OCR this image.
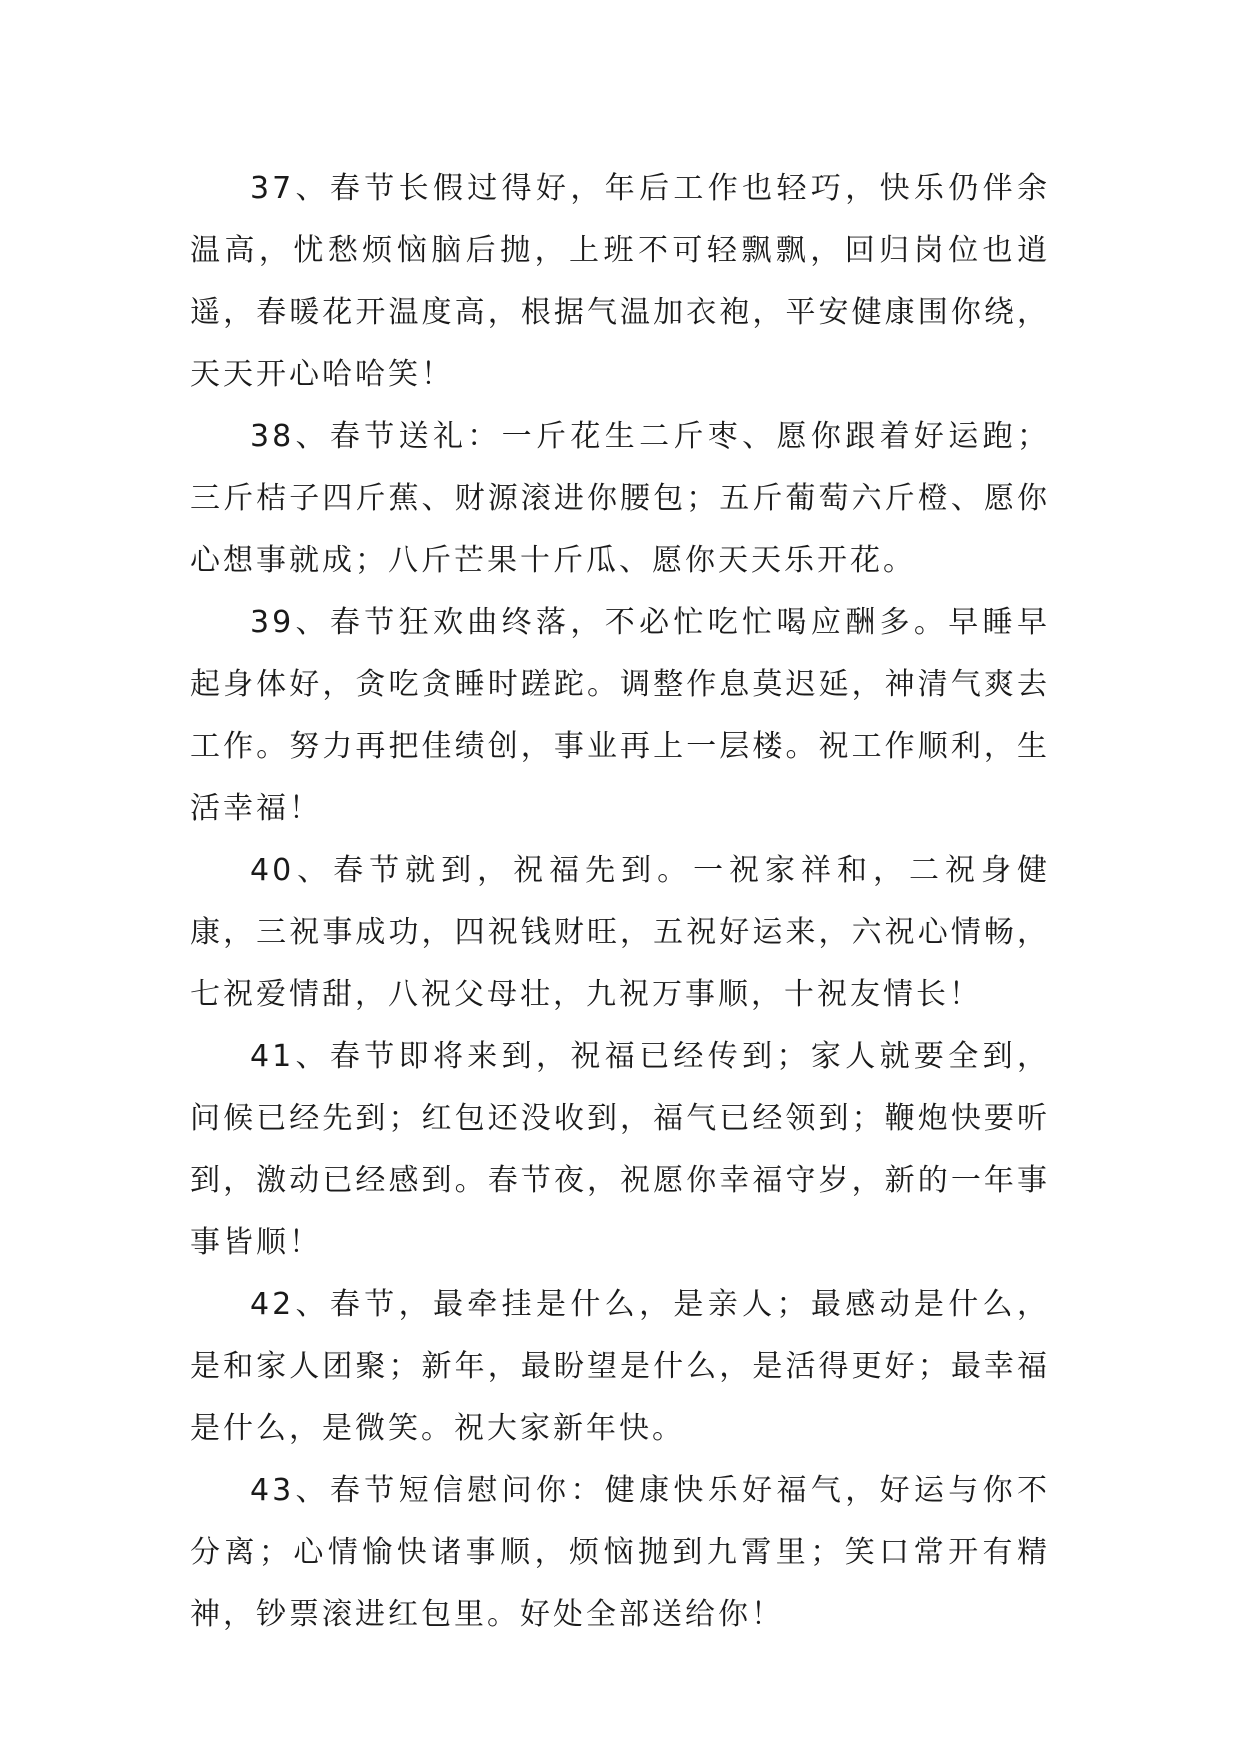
37、春节长假过得好，年后工作也轻巧，快乐仍伴余温高，忧愁烦恼脑后抛，上班不可轻飘飘，回归岗位也逍遥，春暖花开温度高，根据气温加衣袍，平安健康围你绕，天天开心哈哈笑！

38、春节送礼：一斤花生二斤枣、愿你跟着好运跑；三斤桔子四斤蕉、财源滚进你腰包；五斤葡萄六斤橙、愿你心想事就成；八斤芒果十斤瓜、愿你天天乐开花。

39、春节狂欢曲终落，不必忙吃忙喝应酬多。早睡早起身体好，贪吃贪睡时蹉跎。调整作息莫迟延，神清气爽去工作。努力再把佳绩创，事业再上一层楼。祝工作顺利，生活幸福！

40、春节就到，祝福先到。一祝家祥和，二祝身健康，三祝事成功，四祝钱财旺，五祝好运来，六祝心情畅，七祝爱情甜，八祝父母壮，九祝万事顺，十祝友情长！

41、春节即将来到，祝福已经传到；家人就要全到，问候已经先到；红包还没收到，福气已经领到；鞭炮快要听到，激动已经感到。春节夜，祝愿你幸福守岁，新的一年事事皆顺！

42、春节，最牵挂是什么，是亲人；最感动是什么，是和家人团聚；新年，最盼望是什么，是活得更好；最幸福是什么，是微笑。祝大家新年快。

43、春节短信慰问你：健康快乐好福气，好运与你不分离；心情愉快诸事顺，烦恼抛到九霄里；笑口常开有精神，钞票滚进红包里。好处全部送给你！
